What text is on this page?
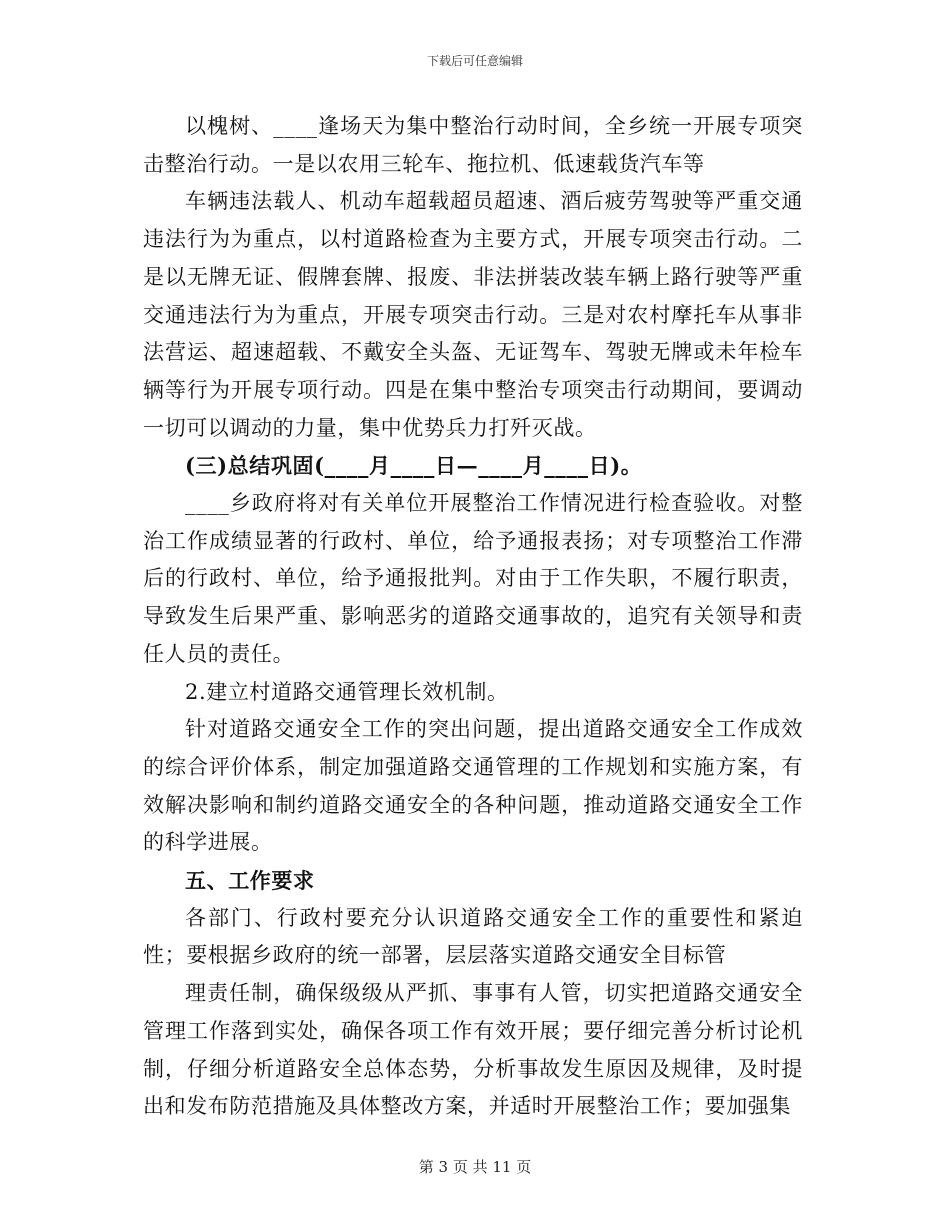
下载后可任意编辑

以槐树、____逢场天为集中整治行动时间，全乡统一开展专项突击整治行动。一是以农用三轮车、拖拉机、低速载货汽车等

车辆违法载人、机动车超载超员超速、酒后疲劳驾驶等严重交通违法行为为重点，以村道路检查为主要方式，开展专项突击行动。二是以无牌无证、假牌套牌、报废、非法拼装改装车辆上路行驶等严重交通违法行为为重点，开展专项突击行动。三是对农村摩托车从事非法营运、超速超载、不戴安全头盔、无证驾车、驾驶无牌或未年检车辆等行为开展专项行动。四是在集中整治专项突击行动期间，要调动一切可以调动的力量，集中优势兵力打歼灭战。

(三)总结巩固(____月____日—____月____日)。

____乡政府将对有关单位开展整治工作情况进行检查验收。对整治工作成绩显著的行政村、单位，给予通报表扬；对专项整治工作滞后的行政村、单位，给予通报批判。对由于工作失职，不履行职责，导致发生后果严重、影响恶劣的道路交通事故的，追究有关领导和责任人员的责任。

2.建立村道路交通管理长效机制。

针对道路交通安全工作的突出问题，提出道路交通安全工作成效的综合评价体系，制定加强道路交通管理的工作规划和实施方案，有效解决影响和制约道路交通安全的各种问题，推动道路交通安全工作的科学进展。

五、工作要求

各部门、行政村要充分认识道路交通安全工作的重要性和紧迫性；要根据乡政府的统一部署，层层落实道路交通安全目标管

理责任制，确保级级从严抓、事事有人管，切实把道路交通安全管理工作落到实处，确保各项工作有效开展；要仔细完善分析讨论机制，仔细分析道路安全总体态势，分析事故发生原因及规律，及时提出和发布防范措施及具体整改方案，并适时开展整治工作；要加强集

第 3 页 共 11 页
